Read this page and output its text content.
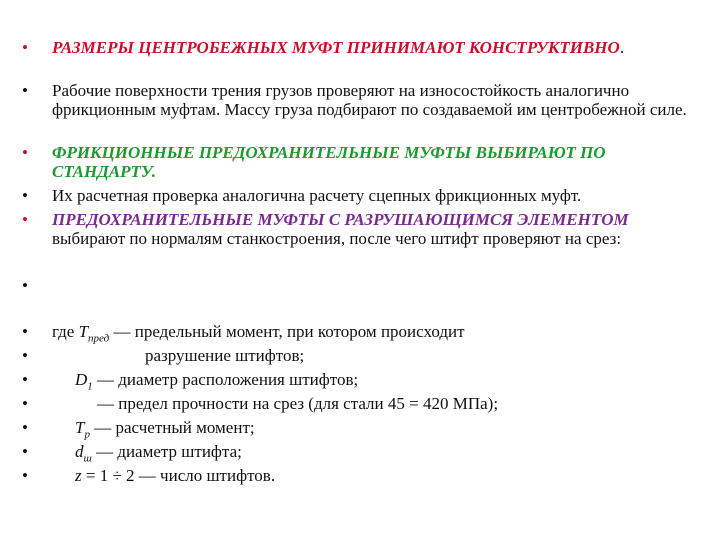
•	РАЗМЕРЫ ЦЕНТРОБЕЖНЫХ МУФТ ПРИНИМАЮТ КОНСТРУКТИВНО.
•	Рабочие поверхности трения грузов проверяют на износостойкость аналогично фрикционным муфтам. Массу груза подбирают по создаваемой им центробежной силе.
•	ФРИКЦИОННЫЕ ПРЕДОХРАНИТЕЛЬНЫЕ МУФТЫ ВЫБИРАЮТ ПО СТАНДАРТУ.
•	Их расчетная проверка аналогична расчету сцепных фрикционных муфт.
•	ПРЕДОХРАНИТЕЛЬНЫЕ МУФТЫ С РАЗРУШАЮЩИМСЯ ЭЛЕМЕНТОМ выбирают по нормалям станкостроения, после чего штифт проверяют на срез:
•
•	где $T_{пред}$ — предельный момент, при котором происходит
•	разрушение штифтов;
•	$D_1$ — диаметр расположения штифтов;
•	— предел прочности на срез (для стали 45 = 420 МПа);
•	$T_p$ — расчетный момент;
•	$d_ш$ — диаметр штифта;
•	z = 1 ÷ 2 — число штифтов.
